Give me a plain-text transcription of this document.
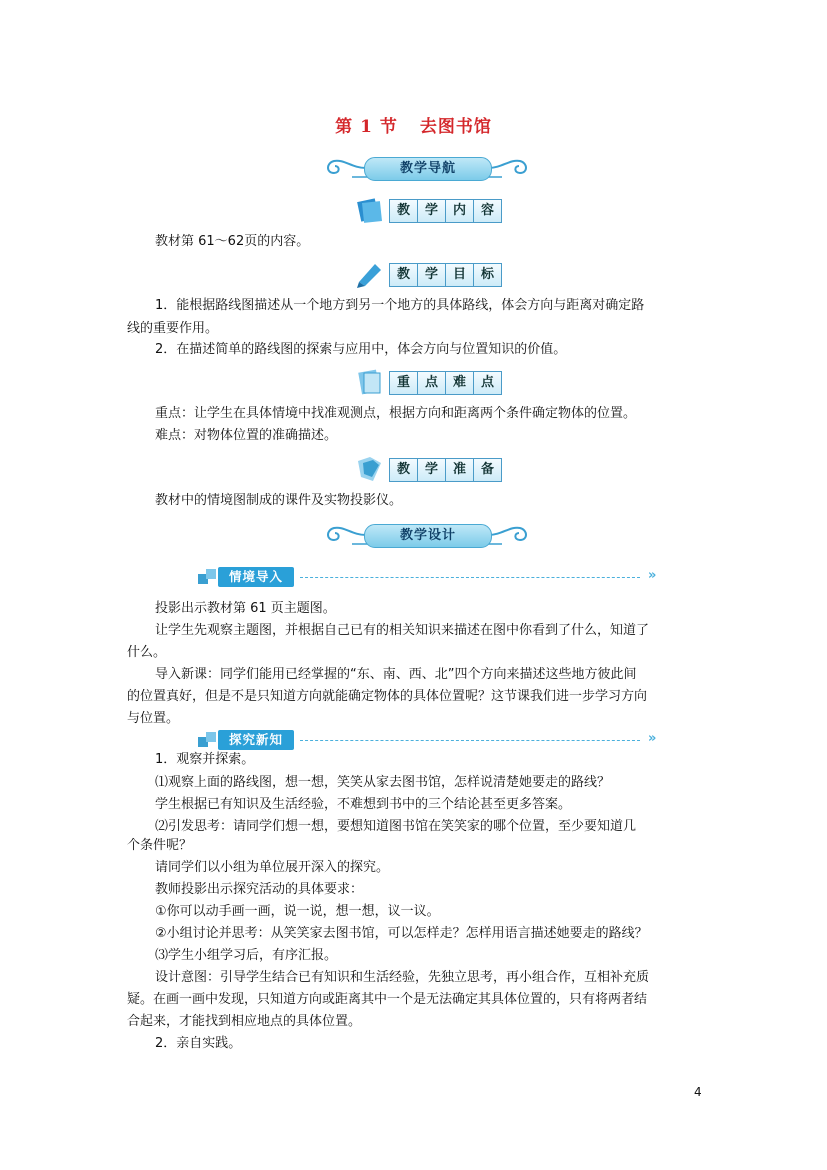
第 1 节 去图书馆
教学导航
教	学	内	容
教材第 61～62页的内容。
教	学	目	标
1．能根据路线图描述从一个地方到另一个地方的具体路线，体会方向与距离对确定路
线的重要作用。
2．在描述简单的路线图的探索与应用中，体会方向与位置知识的价值。
重	点	难	点
重点：让学生在具体情境中找准观测点，根据方向和距离两个条件确定物体的位置。
难点：对物体位置的准确描述。
教	学	准	备
教材中的情境图制成的课件及实物投影仪。
教学设计
情境导入	»
投影出示教材第 61 页主题图。
让学生先观察主题图，并根据自己已有的相关知识来描述在图中你看到了什么，知道了
什么。
导入新课：同学们能用已经掌握的“东、南、西、北”四个方向来描述这些地方彼此间
的位置真好，但是不是只知道方向就能确定物体的具体位置呢？这节课我们进一步学习方向
与位置。
探究新知	»
1．观察并探索。
⑴观察上面的路线图，想一想，笑笑从家去图书馆，怎样说清楚她要走的路线？
学生根据已有知识及生活经验，不难想到书中的三个结论甚至更多答案。
⑵引发思考：请同学们想一想，要想知道图书馆在笑笑家的哪个位置，至少要知道几
个条件呢？
请同学们以小组为单位展开深入的探究。
教师投影出示探究活动的具体要求：
①你可以动手画一画，说一说，想一想，议一议。
②小组讨论并思考：从笑笑家去图书馆，可以怎样走？怎样用语言描述她要走的路线？
⑶学生小组学习后，有序汇报。
设计意图：引导学生结合已有知识和生活经验，先独立思考，再小组合作，互相补充质
疑。在画一画中发现，只知道方向或距离其中一个是无法确定其具体位置的，只有将两者结
合起来，才能找到相应地点的具体位置。
2．亲自实践。
4
